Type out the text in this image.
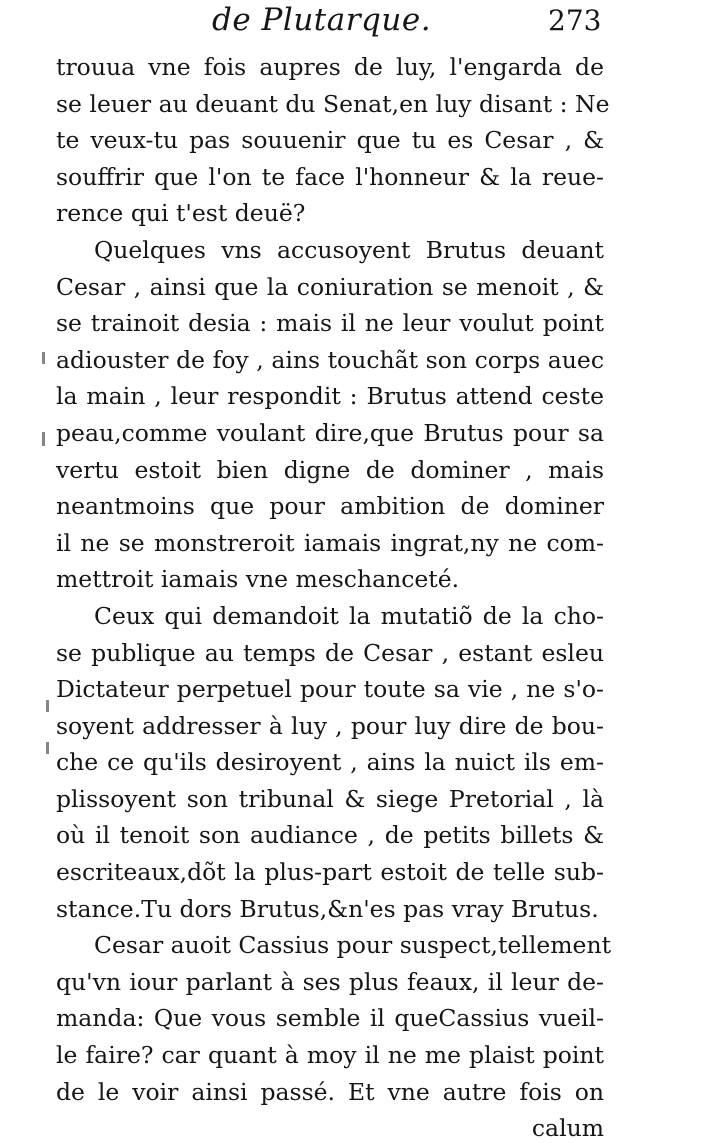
de Plutarque.	273
trouua vne fois aupres de luy, l'engarda de
se leuer au deuant du Senat,en luy disant : Ne
te veux-tu pas souuenir que tu es Cesar , &
souffrir que l'on te face l'honneur & la reue-
rence qui t'est deuë?
Quelques vns accusoyent Brutus deuant
Cesar , ainsi que la coniuration se menoit , &
se trainoit desia : mais il ne leur voulut point
adiouster de foy , ains touchãt son corps auec
la main , leur respondit : Brutus attend ceste
peau,comme voulant dire,que Brutus pour sa
vertu estoit bien digne de dominer , mais
neantmoins que pour ambition de dominer
il ne se monstreroit iamais ingrat,ny ne com-
mettroit iamais vne meschanceté.
Ceux qui demandoit la mutatiõ de la cho-
se publique au temps de Cesar , estant esleu
Dictateur perpetuel pour toute sa vie , ne s'o-
soyent addresser à luy , pour luy dire de bou-
che ce qu'ils desiroyent , ains la nuict ils em-
plissoyent son tribunal & siege Pretorial , là
où il tenoit son audiance , de petits billets &
escriteaux,dõt la plus-part estoit de telle sub-
stance.Tu dors Brutus,&n'es pas vray Brutus.
Cesar auoit Cassius pour suspect,tellement
qu'vn iour parlant à ses plus feaux, il leur de-
manda: Que vous semble il queCassius vueil-
le faire? car quant à moy il ne me plaist point
de le voir ainsi passé. Et vne autre fois on
calum
